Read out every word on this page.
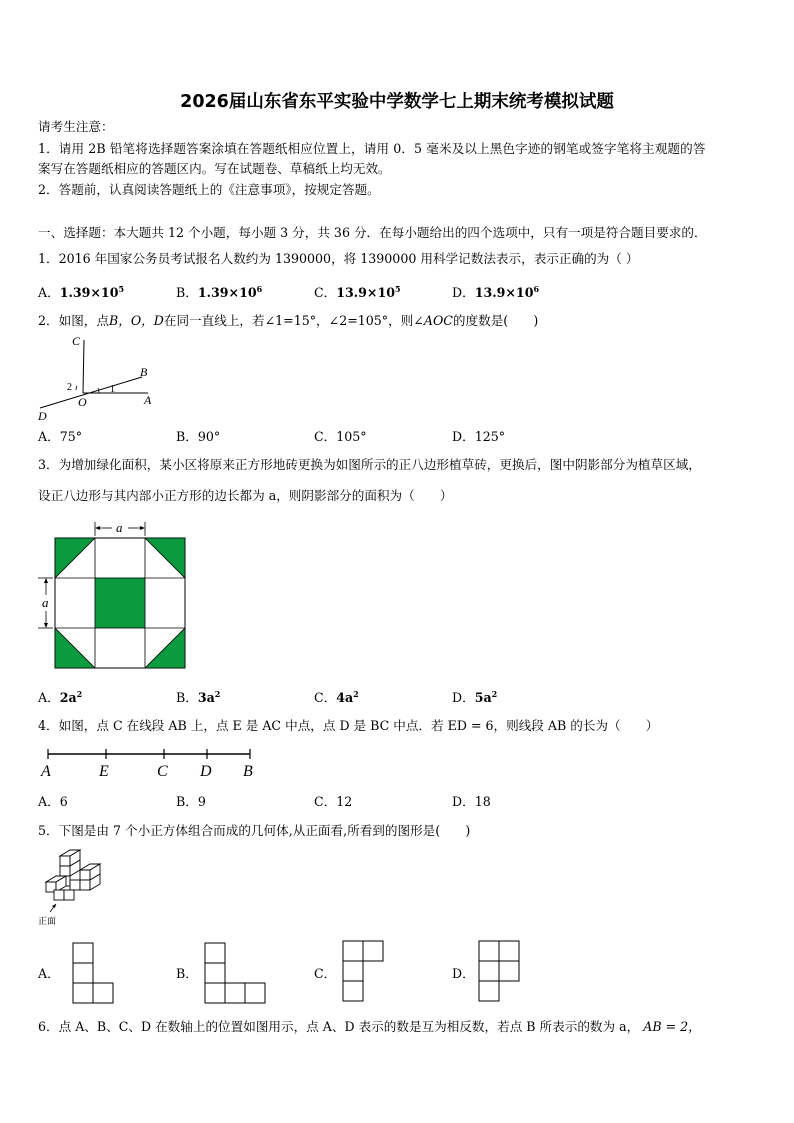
2026届山东省东平实验中学数学七上期末统考模拟试题
请考生注意：
1．请用 2B 铅笔将选择题答案涂填在答题纸相应位置上，请用 0．5 毫米及以上黑色字迹的钢笔或签字笔将主观题的答
案写在答题纸相应的答题区内。写在试题卷、草稿纸上均无效。
2．答题前，认真阅读答题纸上的《注意事项》，按规定答题。
一、选择题：本大题共 12 个小题，每小题 3 分，共 36 分．在每小题给出的四个选项中，只有一项是符合题目要求的．
1．2016 年国家公务员考试报名人数约为 1390000，将 1390000 用科学记数法表示，表示正确的为（ ）
A．$1.39\times 10^5$	B．$1.39\times 10^6$	C．$13.9\times 10^5$	D．$13.9\times 10^6$
2．如图，点B，O，D在同一直线上，若∠1=15°，∠2=105°，则∠AOC的度数是(　　)
C
B
O	A
D
1
2
A．75°	B．90°	C．105°	D．125°
3．为增加绿化面积，某小区将原来正方形地砖更换为如图所示的正八边形植草砖，更换后，图中阴影部分为植草区域，
设正八边形与其内部小正方形的边长都为 a，则阴影部分的面积为（　　）
a
a
A．$2a^2$	B．$3a^2$	C．$4a^2$	D．$5a^2$
4．如图，点 C 在线段 AB 上，点 E 是 AC 中点，点 D 是 BC 中点．若 ED = 6，则线段 AB 的长为（　　）
A	E	C D B
A．6	B．9	C．12	D．18
5．下图是由 7 个小正方体组合而成的几何体,从正面看,所看到的图形是(　　)
正面
A．	B．	C．	D．
6．点 A、B、C、D 在数轴上的位置如图用示，点 A、D 表示的数是互为相反数，若点 B 所表示的数为 a， AB = 2，
